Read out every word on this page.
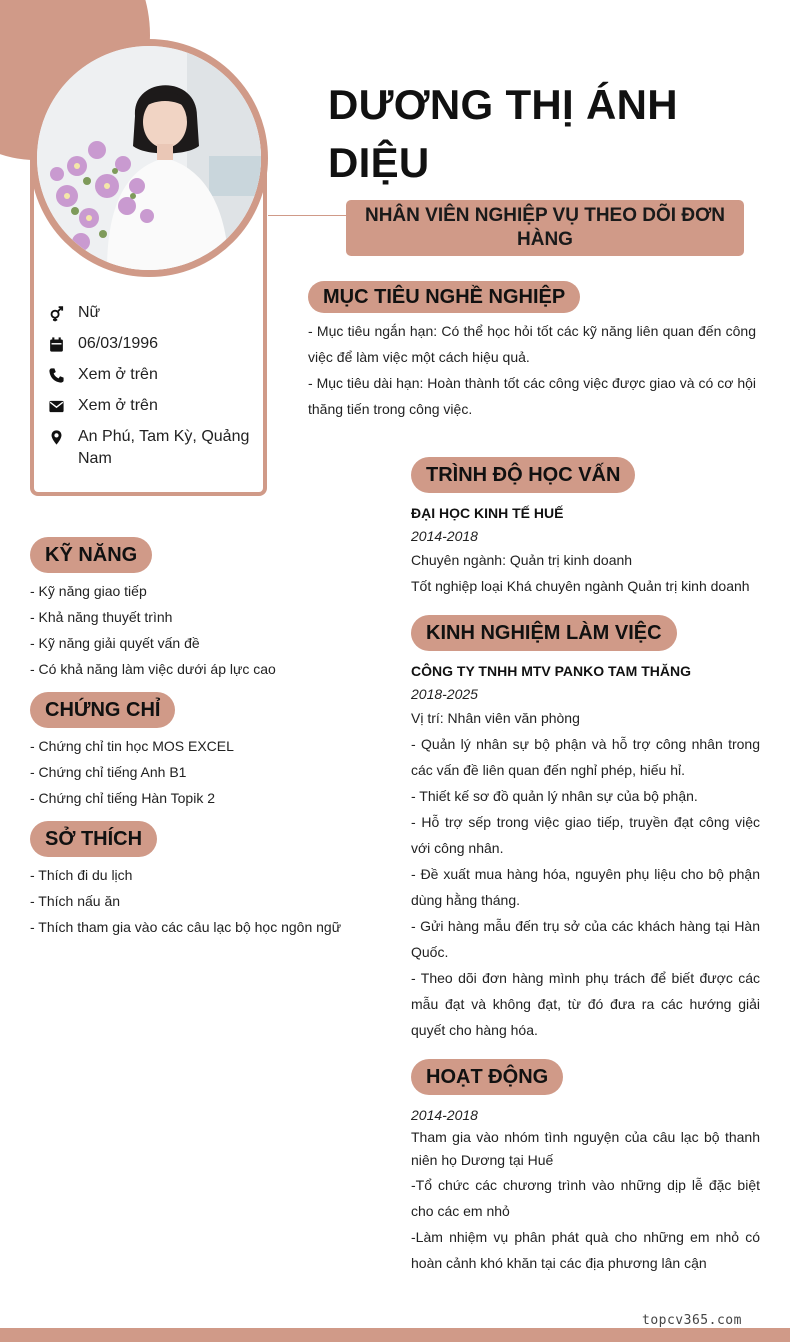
Nữ
06/03/1996
Xem ở trên
Xem ở trên
An Phú, Tam Kỳ, Quảng Nam
DƯƠNG THỊ ÁNH DIỆU
NHÂN VIÊN NGHIỆP VỤ THEO DÕI ĐƠN HÀNG
MỤC TIÊU NGHỀ NGHIỆP

- Mục tiêu ngắn hạn: Có thể học hỏi tốt các kỹ năng liên quan đến công việc để làm việc một cách hiệu quả.

- Mục tiêu dài hạn: Hoàn thành tốt các công việc được giao và có cơ hội thăng tiến trong công việc.

TRÌNH ĐỘ HỌC VẤN
ĐẠI HỌC KINH TẾ HUẾ
2014-2018

Chuyên ngành: Quản trị kinh doanh

Tốt nghiệp loại Khá chuyên ngành Quản trị kinh doanh

KINH NGHIỆM LÀM VIỆC
CÔNG TY TNHH MTV PANKO TAM THĂNG
2018-2025

Vị trí: Nhân viên văn phòng

- Quản lý nhân sự bộ phận và hỗ trợ công nhân trong các vấn đề liên quan đến nghỉ phép, hiếu hỉ.

- Thiết kế sơ đồ quản lý nhân sự của bộ phận.

- Hỗ trợ sếp trong việc giao tiếp, truyền đạt công việc với công nhân.

- Đề xuất mua hàng hóa, nguyên phụ liệu cho bộ phận dùng hằng tháng.

- Gửi hàng mẫu đến trụ sở của các khách hàng tại Hàn Quốc.

- Theo dõi đơn hàng mình phụ trách để biết được các mẫu đạt và không đạt, từ đó đưa ra các hướng giải quyết cho hàng hóa.

HOẠT ĐỘNG
2014-2018

Tham gia vào nhóm tình nguyện của câu lạc bộ thanh niên họ Dương tại Huế

-Tổ chức các chương trình vào những dịp lễ đặc biệt cho các em nhỏ

-Làm nhiệm vụ phân phát quà cho những em nhỏ có hoàn cảnh khó khăn tại các địa phương lân cận

KỸ NĂNG

- Kỹ năng giao tiếp

- Khả năng thuyết trình

- Kỹ năng giải quyết vấn đề

- Có khả năng làm việc dưới áp lực cao

CHỨNG CHỈ

- Chứng chỉ tin học MOS EXCEL

- Chứng chỉ tiếng Anh B1

- Chứng chỉ tiếng Hàn Topik 2

SỞ THÍCH

- Thích đi du lịch

- Thích nấu ăn

- Thích tham gia vào các câu lạc bộ học ngôn ngữ

topcv365.com
